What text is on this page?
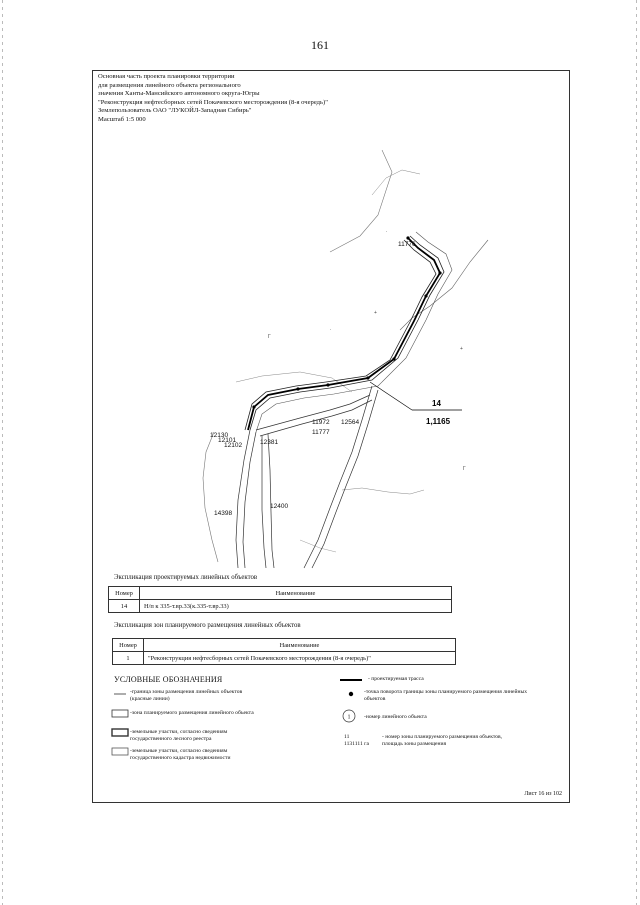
161
Основная часть проекта планировки территории
для размещения линейного объекта регионального
значения Ханты-Мансийского автономного округа-Югры
"Реконструкция нефтесборных сетей Покачевского месторождения (8-я очередь)"
Землепользователь ОАО "ЛУКОЙЛ-Западная Сибирь"
Масштаб 1:5 000
Г
+
+
.
Г
.
11776
11972 12564
11777
12130
12101
12102	12381
12400
14398
14
1,1165
Экспликация проектируемых линейных объектов
Номер	Наименование
14	Н/п к 335-т.вр.33(к.335-т.вр.33)
Экспликация зон планируемого размещения линейных объектов
Номер	Наименование
1	"Реконструкция нефтесборных сетей Покачевского месторождения (8-я очередь)"
УСЛОВНЫЕ ОБОЗНАЧЕНИЯ
-граница зоны размещения линейных объектов (красные линии)
-зона планируемого размещения линейного объекта
-земельные участки, согласно сведениям государственного лесного реестра
-земельные участки, согласно сведениям государственного кадастра недвижимости
1
- проектируемая трасса
-точка поворота границы зоны планируемого размещения линейных объектов
-номер линейного объекта
11
1131111 га
- номер зоны планируемого размещения объектов, площадь зоны размещения
Лист 16 из 102
